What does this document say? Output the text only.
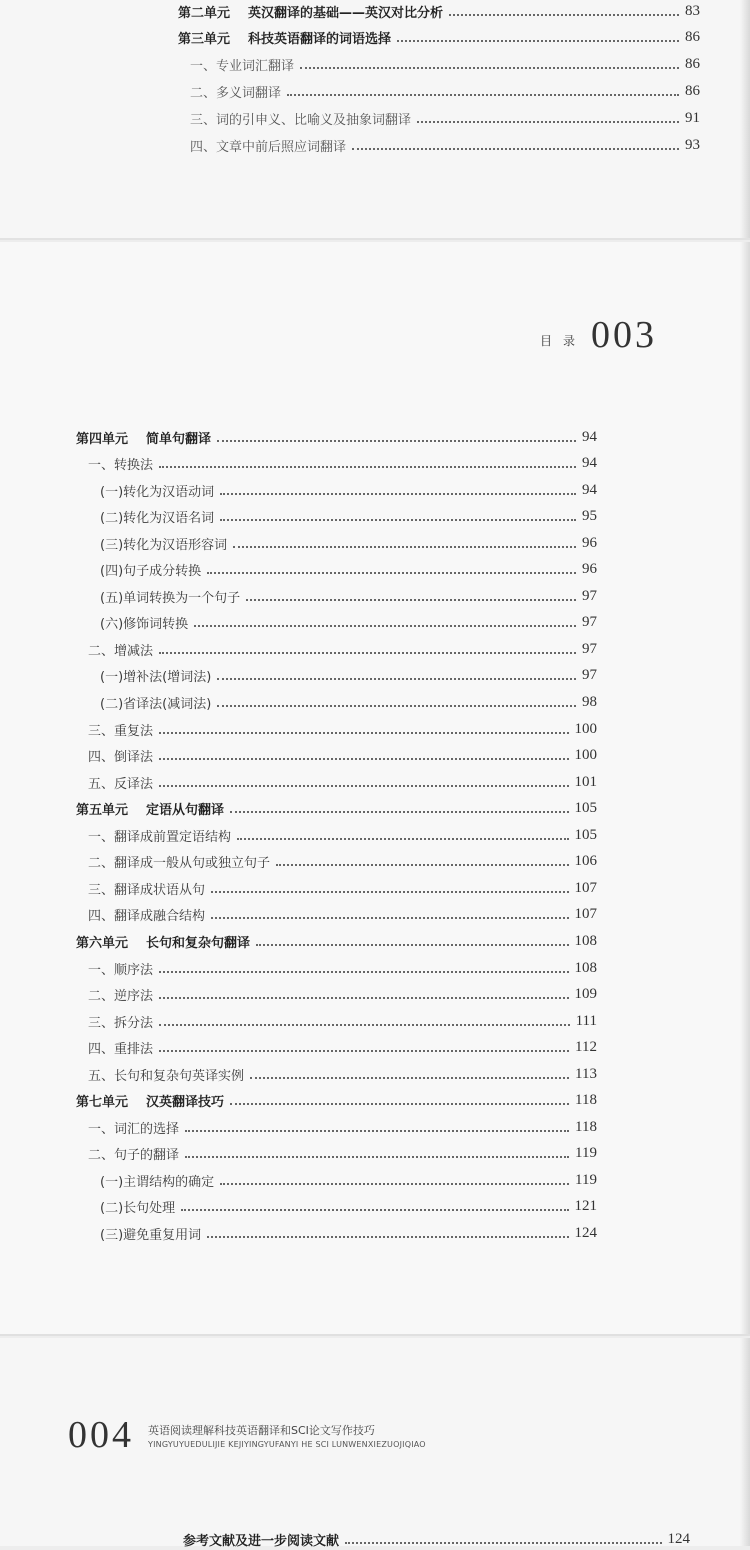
第二单元 英汉翻译的基础——英汉对比分析	83
第三单元 科技英语翻译的词语选择	86
一、专业词汇翻译	86
二、多义词翻译	86
三、词的引申义、比喻义及抽象词翻译	91
四、文章中前后照应词翻译	93
目 录 003
第四单元 简单句翻译	94
一、转换法	94
(一)转化为汉语动词	94
(二)转化为汉语名词	95
(三)转化为汉语形容词	96
(四)句子成分转换	96
(五)单词转换为一个句子	97
(六)修饰词转换	97
二、增减法	97
(一)增补法(增词法)	97
(二)省译法(减词法)	98
三、重复法	100
四、倒译法	100
五、反译法	101
第五单元 定语从句翻译	105
一、翻译成前置定语结构	105
二、翻译成一般从句或独立句子	106
三、翻译成状语从句	107
四、翻译成融合结构	107
第六单元 长句和复杂句翻译	108
一、顺序法	108
二、逆序法	109
三、拆分法	111
四、重排法	112
五、长句和复杂句英译实例	113
第七单元 汉英翻译技巧	118
一、词汇的选择	118
二、句子的翻译	119
(一)主谓结构的确定	119
(二)长句处理	121
(三)避免重复用词	124
004 英语阅读理解科技英语翻译和SCI论文写作技巧
YINGYUYUEDULIJIE KEJIYINGYUFANYI HE SCI LUNWENXIEZUOJIQIAO
参考文献及进一步阅读文献	124
